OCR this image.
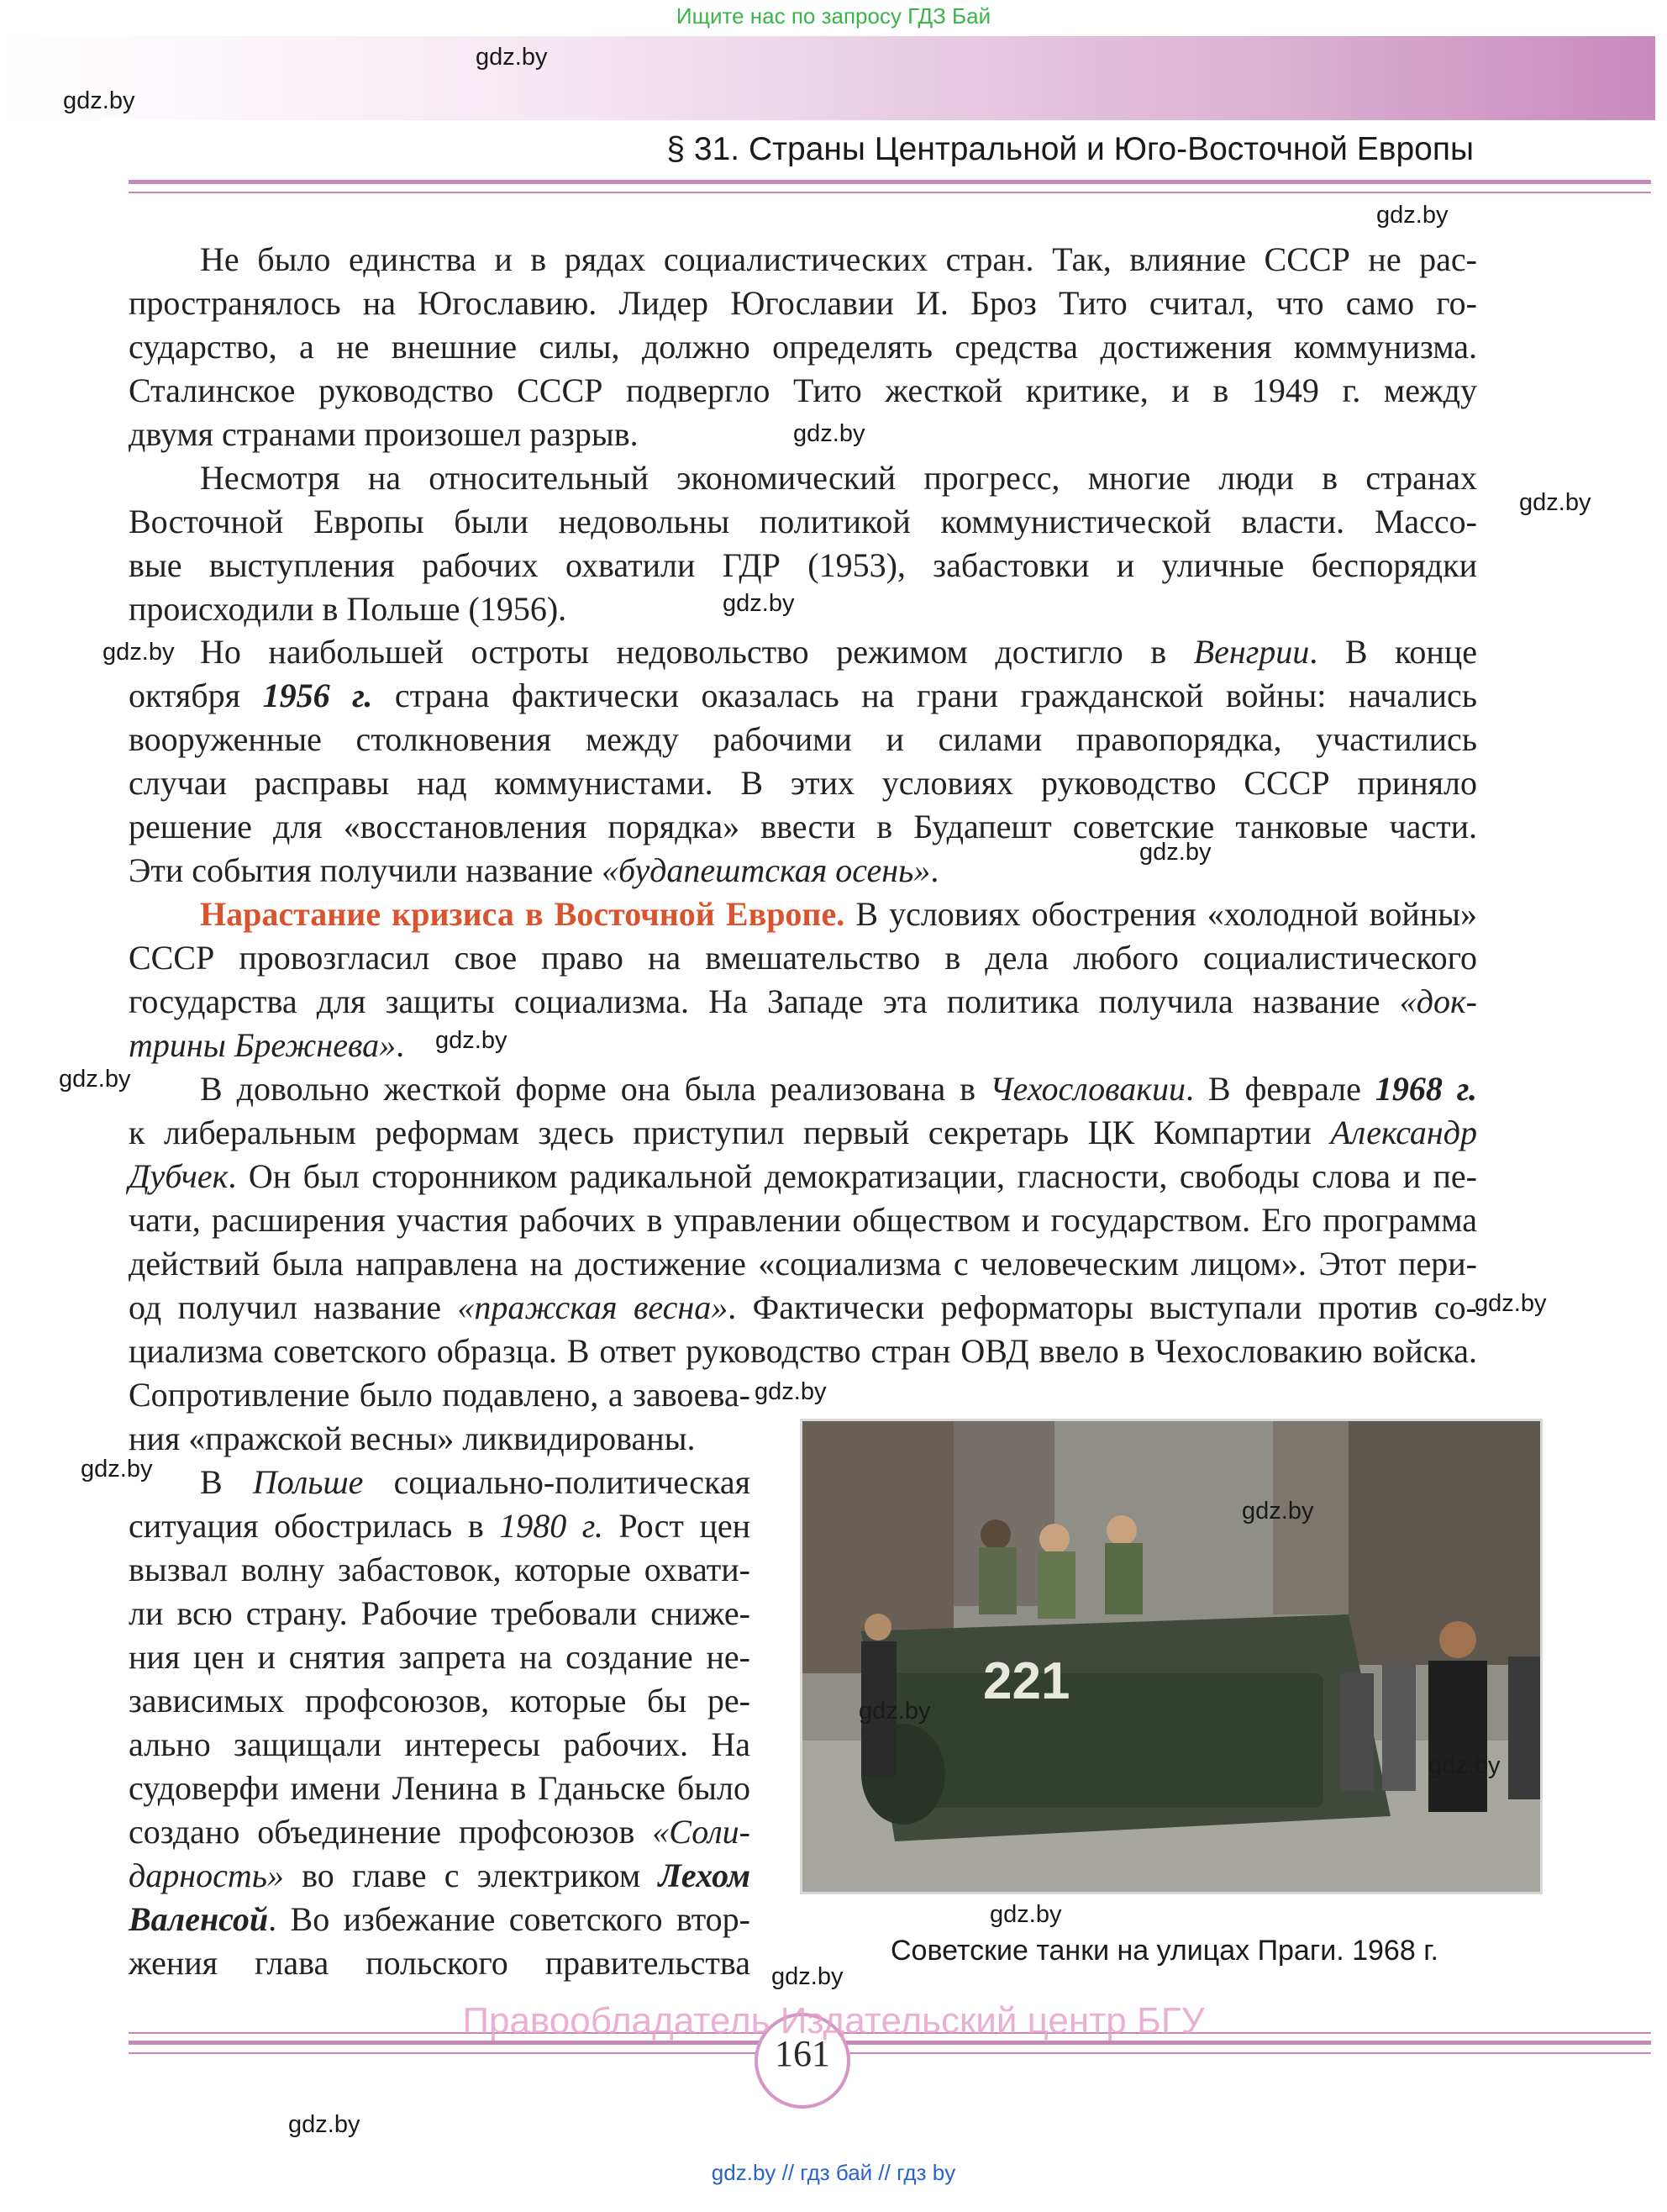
Ищите нас по запросу ГДЗ Бай
gdz.by
gdz.by
§ 31. Страны Центральной и Юго-Восточной Европы
gdz.by
Не было единства и в рядах социалистических стран. Так, влияние СССР не рас-
пространялось на Югославию. Лидер Югославии И. Броз Тито считал, что само го-
сударство, а не внешние силы, должно определять средства достижения коммунизма.
Сталинское руководство СССР подвергло Тито жесткой критике, и в 1949 г. между
двумя странами произошел разрыв.	gdz.by
Несмотря на относительный экономический прогресс, многие люди в странах
Восточной Европы были недовольны политикой коммунистической власти. Массо-
вые выступления рабочих охватили ГДР (1953), забастовки и уличные беспорядки
происходили в Польше (1956).
gdz.by
gdz.by
gdz.by Но наибольшей остроты недовольство режимом достигло в Венгрии. В конце
октября 1956 г. страна фактически оказалась на грани гражданской войны: начались
вооруженные столкновения между рабочими и силами правопорядка, участились
случаи расправы над коммунистами. В этих условиях руководство СССР приняло
решение для «восстановления порядка» ввести в Будапешт советские танковые части.
Эти события получили название «будапештская осень».	gdz.by
Нарастание кризиса в Восточной Европе. В условиях обострения «холодной войны»
СССР провозгласил свое право на вмешательство в дела любого социалистического
государства для защиты социализма. На Западе эта политика получила название «док-
трины Брежнева».	gdz.by
gdz.by В довольно жесткой форме она была реализована в Чехословакии. В феврале 1968 г.
к либеральным реформам здесь приступил первый секретарь ЦК Компартии Александр
Дубчек. Он был сторонником радикальной демократизации, гласности, свободы слова и пе-
чати, расширения участия рабочих в управлении обществом и государством. Его программа
действий была направлена на достижение «социализма с человеческим лицом». Этот пери-
од получил название «пражская весна». Фактически реформаторы выступали против со-
циализма советского образца. В ответ руководство стран ОВД ввело в Чехословакию войска.
Сопротивление было подавлено, а завоева-
ния «пражской весны» ликвидированы.
gdz.by
gdz.by
gdz.by В Польше социально-политическая
ситуация обострилась в 1980 г. Рост цен
вызвал волну забастовок, которые охвати-
ли всю страну. Рабочие требовали сниже-
ния цен и снятия запрета на создание не-
зависимых профсоюзов, которые бы ре-
ально защищали интересы рабочих. На
судоверфи имени Ленина в Гданьске было
создано объединение профсоюзов «Соли-
дарность» во главе с электриком Лехом
Валенсой. Во избежание советского втор-
жения глава польского правительства
221
gdz.by
gdz.by
gdz.by
gdz.by
Советские танки на улицах Праги. 1968 г.
gdz.by
161
Правообладатель Издательский центр БГУ
gdz.by
gdz.by // гдз бай // гдз by
